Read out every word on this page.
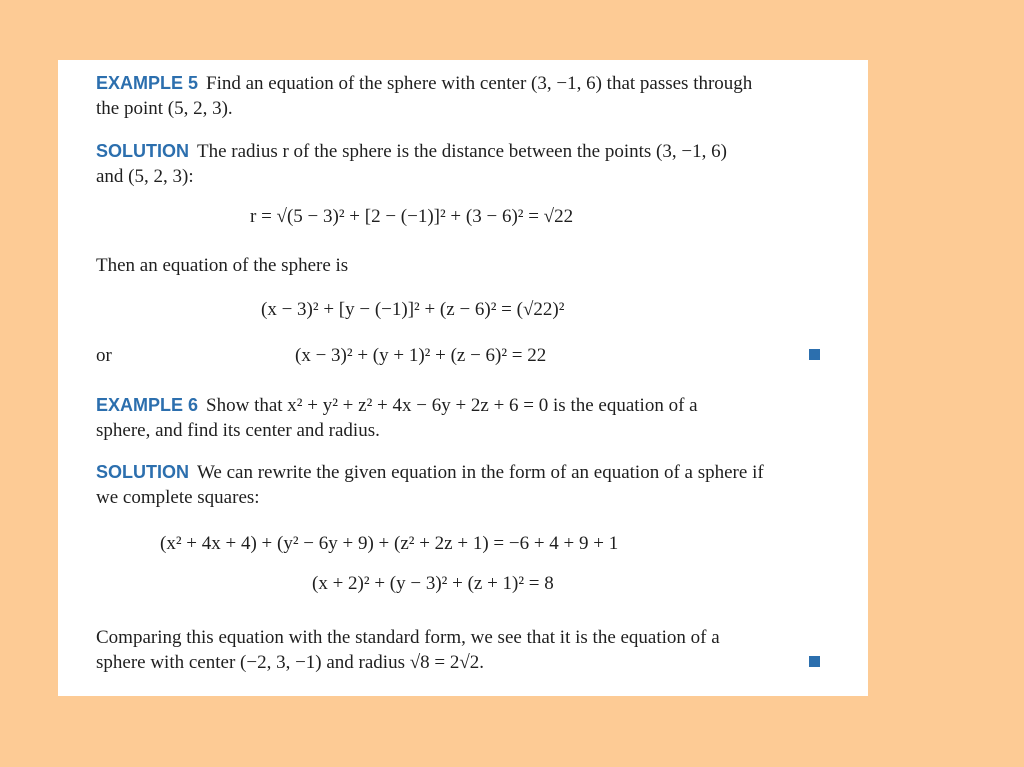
EXAMPLE 5 Find an equation of the sphere with center (3, −1, 6) that passes through
the point (5, 2, 3).
SOLUTION The radius r of the sphere is the distance between the points (3, −1, 6)
and (5, 2, 3):
r = √(5 − 3)² + [2 − (−1)]² + (3 − 6)² = √22
Then an equation of the sphere is
(x − 3)² + [y − (−1)]² + (z − 6)² = (√22)²
or	(x − 3)² + (y + 1)² + (z − 6)² = 22
EXAMPLE 6 Show that x² + y² + z² + 4x − 6y + 2z + 6 = 0 is the equation of a
sphere, and find its center and radius.
SOLUTION We can rewrite the given equation in the form of an equation of a sphere if
we complete squares:
(x² + 4x + 4) + (y² − 6y + 9) + (z² + 2z + 1) = −6 + 4 + 9 + 1
(x + 2)² + (y − 3)² + (z + 1)² = 8
Comparing this equation with the standard form, we see that it is the equation of a
sphere with center (−2, 3, −1) and radius √8 = 2√2.
